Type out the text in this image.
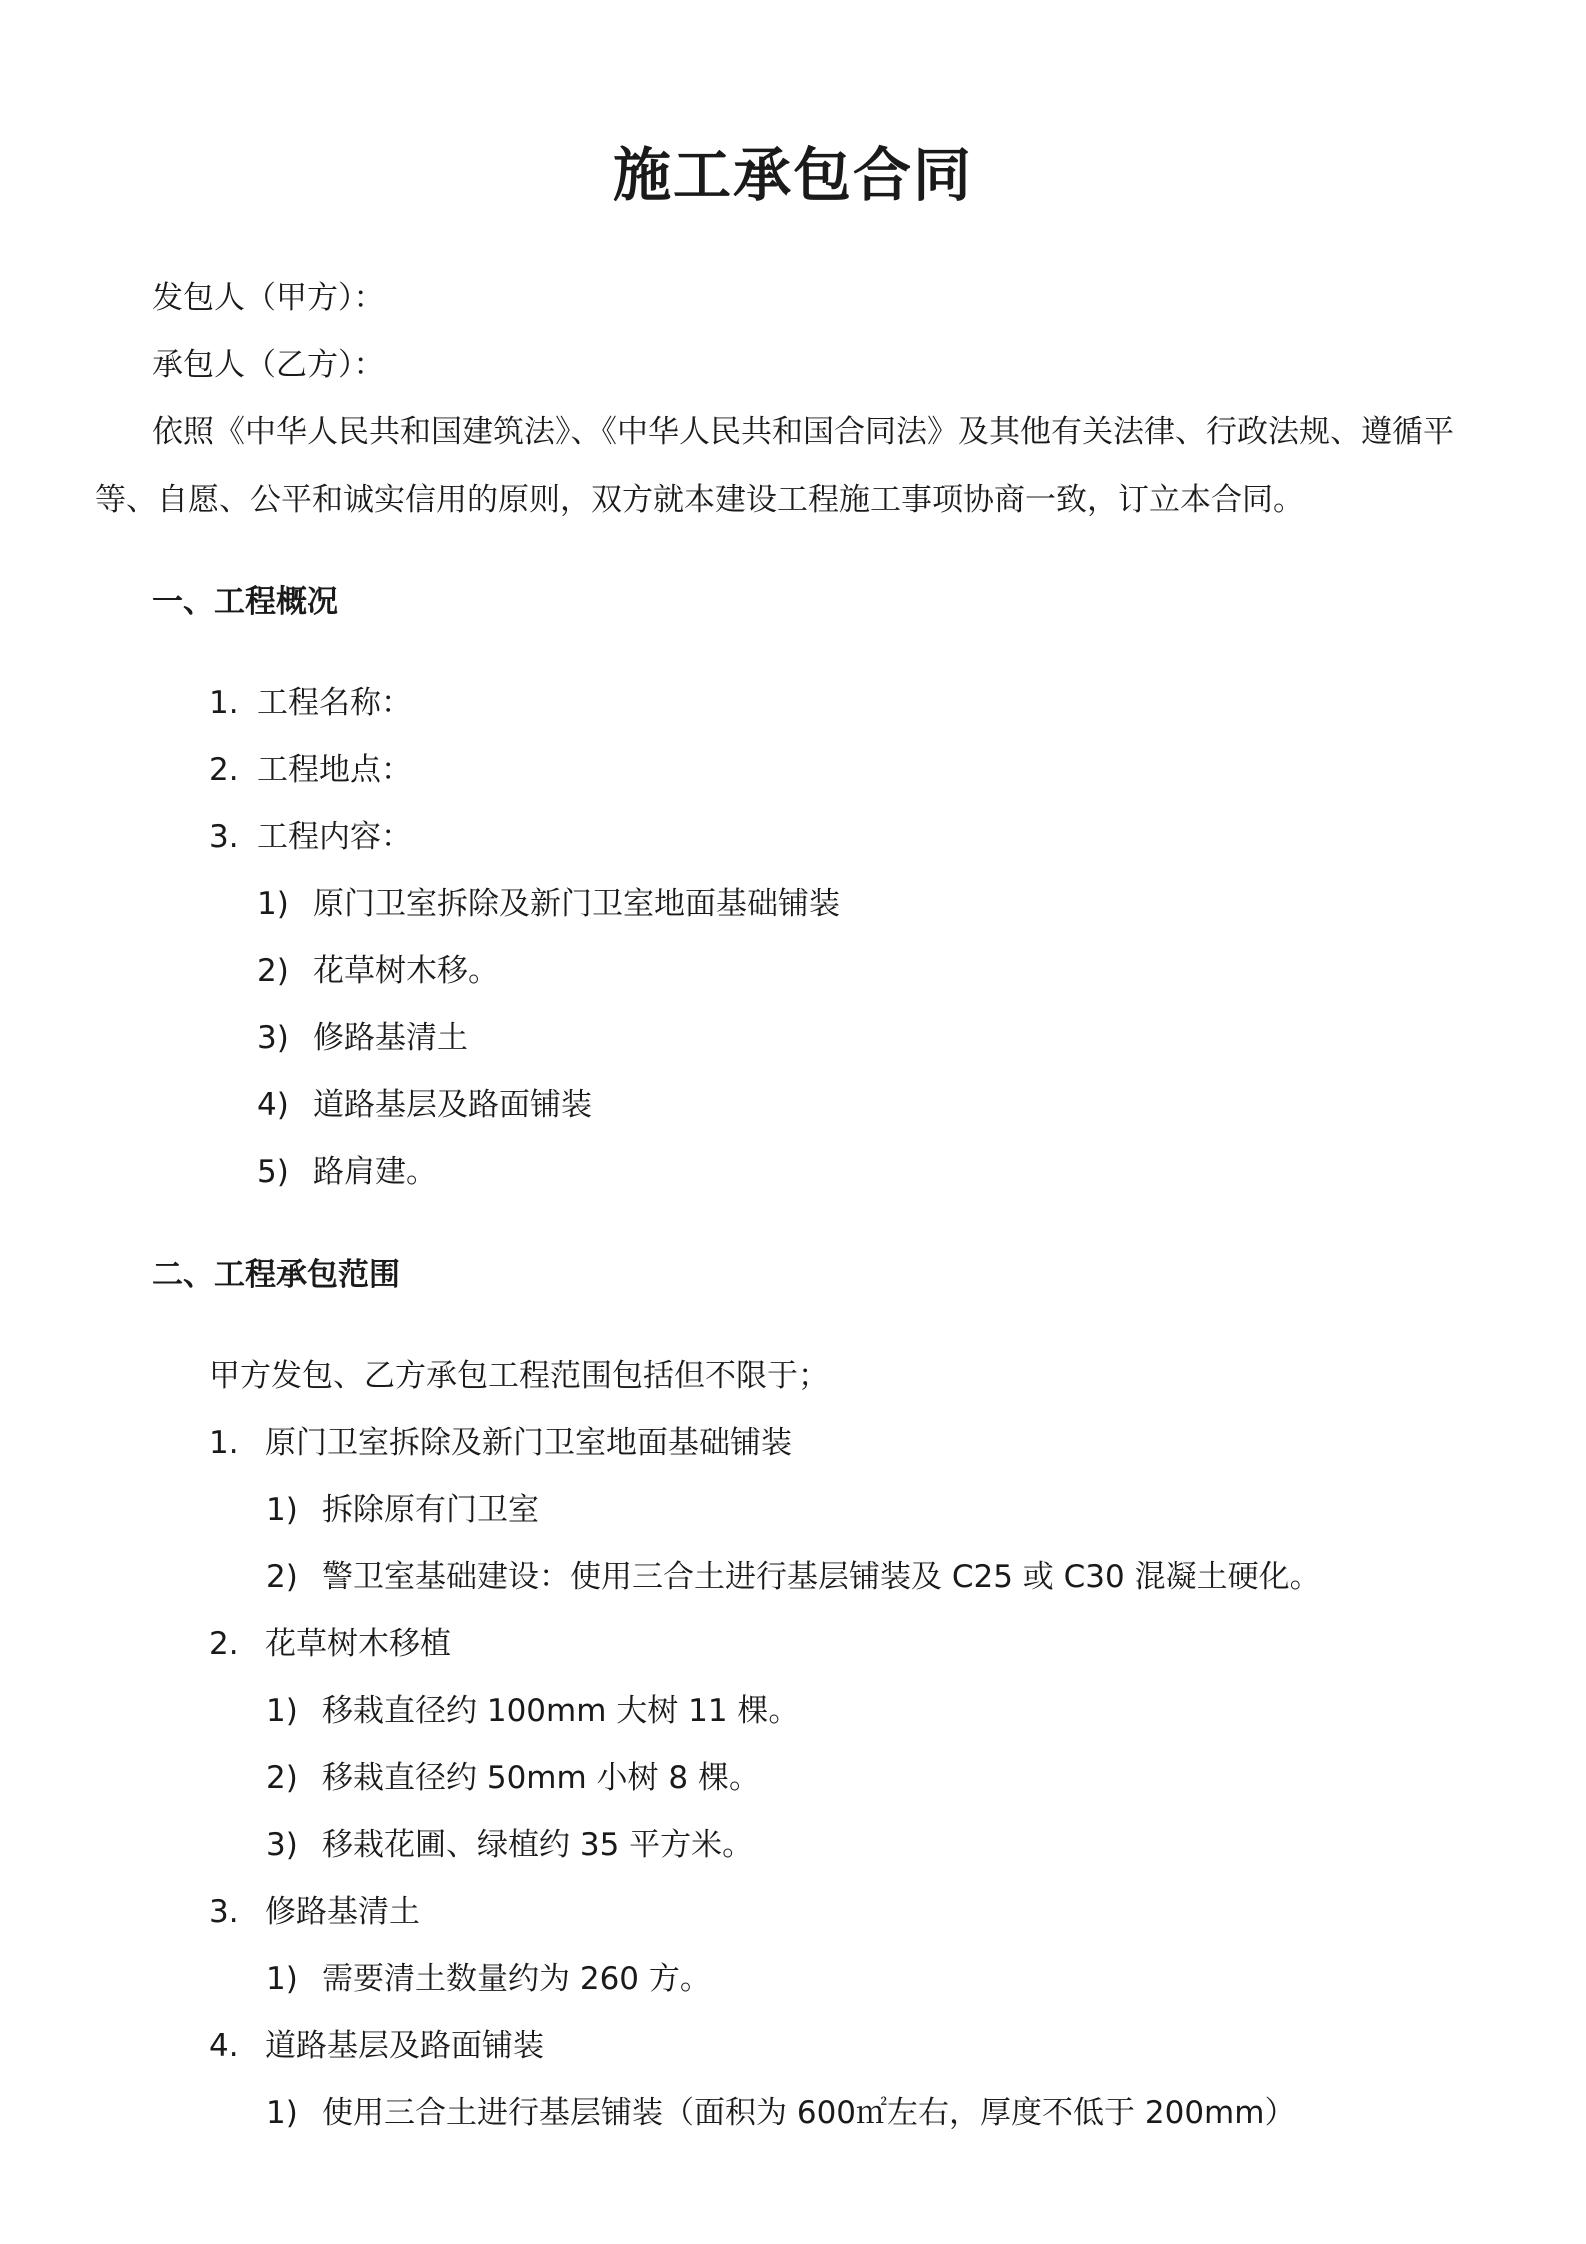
施工承包合同
发包人（甲方）：
承包人（乙方）：
依照《中华人民共和国建筑法》、《中华人民共和国合同法》及其他有关法律、行政法规、遵循平
等、自愿、公平和诚实信用的原则，双方就本建设工程施工事项协商一致，订立本合同。
一、工程概况
1. 工程名称：
2. 工程地点：
3. 工程内容：
1) 原门卫室拆除及新门卫室地面基础铺装
2) 花草树木移。
3) 修路基清土
4) 道路基层及路面铺装
5) 路肩建。
二、工程承包范围
甲方发包、乙方承包工程范围包括但不限于；
1. 原门卫室拆除及新门卫室地面基础铺装
1) 拆除原有门卫室
2) 警卫室基础建设：使用三合土进行基层铺装及 C25 或 C30 混凝土硬化。
2. 花草树木移植
1) 移栽直径约 100mm 大树 11 棵。
2) 移栽直径约 50mm 小树 8 棵。
3) 移栽花圃、绿植约 35 平方米。
3. 修路基清土
1) 需要清土数量约为 260 方。
4. 道路基层及路面铺装
1) 使用三合土进行基层铺装（面积为 600㎡左右，厚度不低于 200mm）
